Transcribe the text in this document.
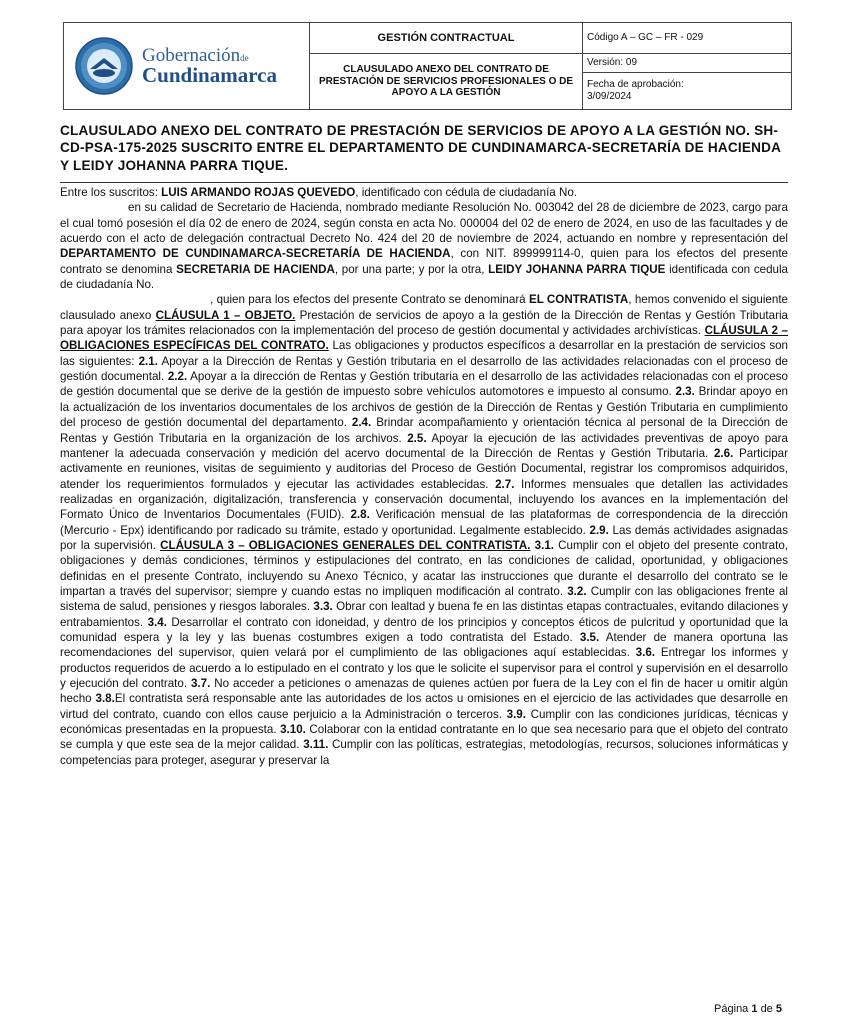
Gobernaciónde
Cundinamarca	GESTIÓN CONTRACTUAL	Código A – GC – FR - 029
	CLAUSULADO ANEXO DEL CONTRATO DE PRESTACIÓN DE SERVICIOS PROFESIONALES O DE APOYO A LA GESTIÓN	Versión: 09

		Fecha de aprobación:
3/09/2024
CLAUSULADO ANEXO DEL CONTRATO DE PRESTACIÓN DE SERVICIOS DE APOYO A LA GESTIÓN NO. SH-CD-PSA-175-2025 SUSCRITO ENTRE EL DEPARTAMENTO DE CUNDINAMARCA-SECRETARÍA DE HACIENDA Y LEIDY JOHANNA PARRA TIQUE.

Entre los suscritos: LUIS ARMANDO ROJAS QUEVEDO, identificado con cédula de ciudadanía No.
en su calidad de Secretario de Hacienda, nombrado mediante Resolución No. 003042 del 28 de diciembre de 2023, cargo para el cual tomó posesión el día 02 de enero de 2024, según consta en acta No. 000004 del 02 de enero de 2024, en uso de las facultades y de acuerdo con el acto de delegación contractual Decreto No. 424 del 20 de noviembre de 2024, actuando en nombre y representación del DEPARTAMENTO DE CUNDINAMARCA-SECRETARÍA DE HACIENDA, con NIT. 899999114-0, quien para los efectos del presente contrato se denomina SECRETARIA DE HACIENDA, por una parte; y por la otra, LEIDY JOHANNA PARRA TIQUE identificada con cedula de ciudadanía No.
, quien para los efectos del presente Contrato se denominará EL CONTRATISTA, hemos convenido el siguiente clausulado anexo CLÁUSULA 1 – OBJETO. Prestación de servicios de apoyo a la gestión de la Dirección de Rentas y Gestión Tributaria para apoyar los trámites relacionados con la implementación del proceso de gestión documental y actividades archivísticas. CLÁUSULA 2 – OBLIGACIONES ESPECÍFICAS DEL CONTRATO. Las obligaciones y productos específicos a desarrollar en la prestación de servicios son las siguientes: 2.1. Apoyar a la Dirección de Rentas y Gestión tributaria en el desarrollo de las actividades relacionadas con el proceso de gestión documental. 2.2. Apoyar a la dirección de Rentas y Gestión tributaria en el desarrollo de las actividades relacionadas con el proceso de gestión documental que se derive de la gestión de impuesto sobre vehículos automotores e impuesto al consumo. 2.3. Brindar apoyo en la actualización de los inventarios documentales de los archivos de gestión de la Dirección de Rentas y Gestión Tributaria en cumplimiento del proceso de gestión documental del departamento. 2.4. Brindar acompañamiento y orientación técnica al personal de la Dirección de Rentas y Gestión Tributaria en la organización de los archivos. 2.5. Apoyar la ejecución de las actividades preventivas de apoyo para mantener la adecuada conservación y medición del acervo documental de la Dirección de Rentas y Gestión Tributaria. 2.6. Participar activamente en reuniones, visitas de seguimiento y auditorias del Proceso de Gestión Documental, registrar los compromisos adquiridos, atender los requerimientos formulados y ejecutar las actividades establecidas. 2.7. Informes mensuales que detallen las actividades realizadas en organización, digitalización, transferencia y conservación documental, incluyendo los avances en la implementación del Formato Único de Inventarios Documentales (FUID). 2.8. Verificación mensual de las plataformas de correspondencia de la dirección (Mercurio - Epx) identificando por radicado su trámite, estado y oportunidad. Legalmente establecido. 2.9. Las demás actividades asignadas por la supervisión. CLÁUSULA 3 – OBLIGACIONES GENERALES DEL CONTRATISTA. 3.1. Cumplir con el objeto del presente contrato, obligaciones y demás condiciones, términos y estipulaciones del contrato, en las condiciones de calidad, oportunidad, y obligaciones definidas en el presente Contrato, incluyendo su Anexo Técnico, y acatar las instrucciones que durante el desarrollo del contrato se le impartan a través del supervisor; siempre y cuando estas no impliquen modificación al contrato. 3.2. Cumplir con las obligaciones frente al sistema de salud, pensiones y riesgos laborales. 3.3. Obrar con lealtad y buena fe en las distintas etapas contractuales, evitando dilaciones y entrabamientos. 3.4. Desarrollar el contrato con idoneidad, y dentro de los principios y conceptos éticos de pulcritud y oportunidad que la comunidad espera y la ley y las buenas costumbres exigen a todo contratista del Estado. 3.5. Atender de manera oportuna las recomendaciones del supervisor, quien velará por el cumplimiento de las obligaciones aquí establecidas. 3.6. Entregar los informes y productos requeridos de acuerdo a lo estipulado en el contrato y los que le solicite el supervisor para el control y supervisión en el desarrollo y ejecución del contrato. 3.7. No acceder a peticiones o amenazas de quienes actúen por fuera de la Ley con el fin de hacer u omitir algún hecho 3.8.El contratista será responsable ante las autoridades de los actos u omisiones en el ejercicio de las actividades que desarrolle en virtud del contrato, cuando con ellos cause perjuicio a la Administración o terceros. 3.9. Cumplir con las condiciones jurídicas, técnicas y económicas presentadas en la propuesta. 3.10. Colaborar con la entidad contratante en lo que sea necesario para que el objeto del contrato se cumpla y que este sea de la mejor calidad. 3.11. Cumplir con las políticas, estrategias, metodologías, recursos, soluciones informáticas y competencias para proteger, asegurar y preservar la

Página 1 de 5
